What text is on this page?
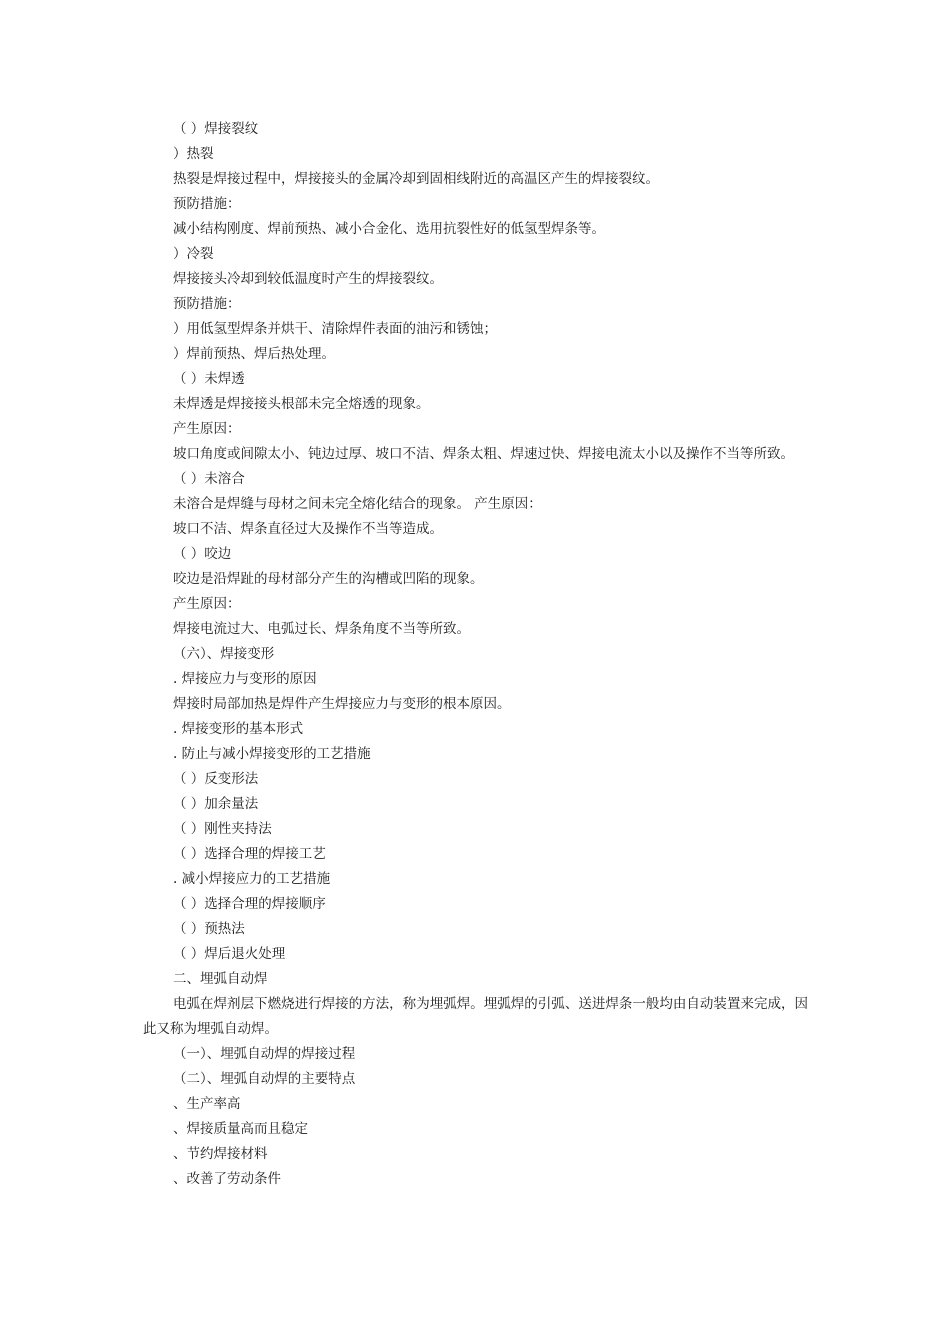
（ ）焊接裂纹
）热裂
热裂是焊接过程中，焊接接头的金属冷却到固相线附近的高温区产生的焊接裂纹。
预防措施：
减小结构刚度、焊前预热、减小合金化、选用抗裂性好的低氢型焊条等。
）冷裂
焊接接头冷却到较低温度时产生的焊接裂纹。
预防措施：
）用低氢型焊条并烘干、清除焊件表面的油污和锈蚀；
）焊前预热、焊后热处理。
（ ）未焊透
未焊透是焊接接头根部未完全熔透的现象。
产生原因：
坡口角度或间隙太小、钝边过厚、坡口不洁、焊条太粗、焊速过快、焊接电流太小以及操作不当等所致。
（ ）未溶合
未溶合是焊缝与母材之间未完全熔化结合的现象。 产生原因：
坡口不洁、焊条直径过大及操作不当等造成。
（ ）咬边
咬边是沿焊趾的母材部分产生的沟槽或凹陷的现象。
产生原因：
焊接电流过大、电弧过长、焊条角度不当等所致。
（六）、焊接变形
. 焊接应力与变形的原因
焊接时局部加热是焊件产生焊接应力与变形的根本原因。
. 焊接变形的基本形式
. 防止与减小焊接变形的工艺措施
（ ）反变形法
（ ）加余量法
（ ）刚性夹持法
（ ）选择合理的焊接工艺
. 减小焊接应力的工艺措施
（ ）选择合理的焊接顺序
（ ）预热法
（ ）焊后退火处理
二、埋弧自动焊
电弧在焊剂层下燃烧进行焊接的方法，称为埋弧焊。埋弧焊的引弧、送进焊条一般均由自动装置来完成，因此又称为埋弧自动焊。
（一）、埋弧自动焊的焊接过程
（二）、埋弧自动焊的主要特点
、生产率高
、焊接质量高而且稳定
、节约焊接材料
、改善了劳动条件
